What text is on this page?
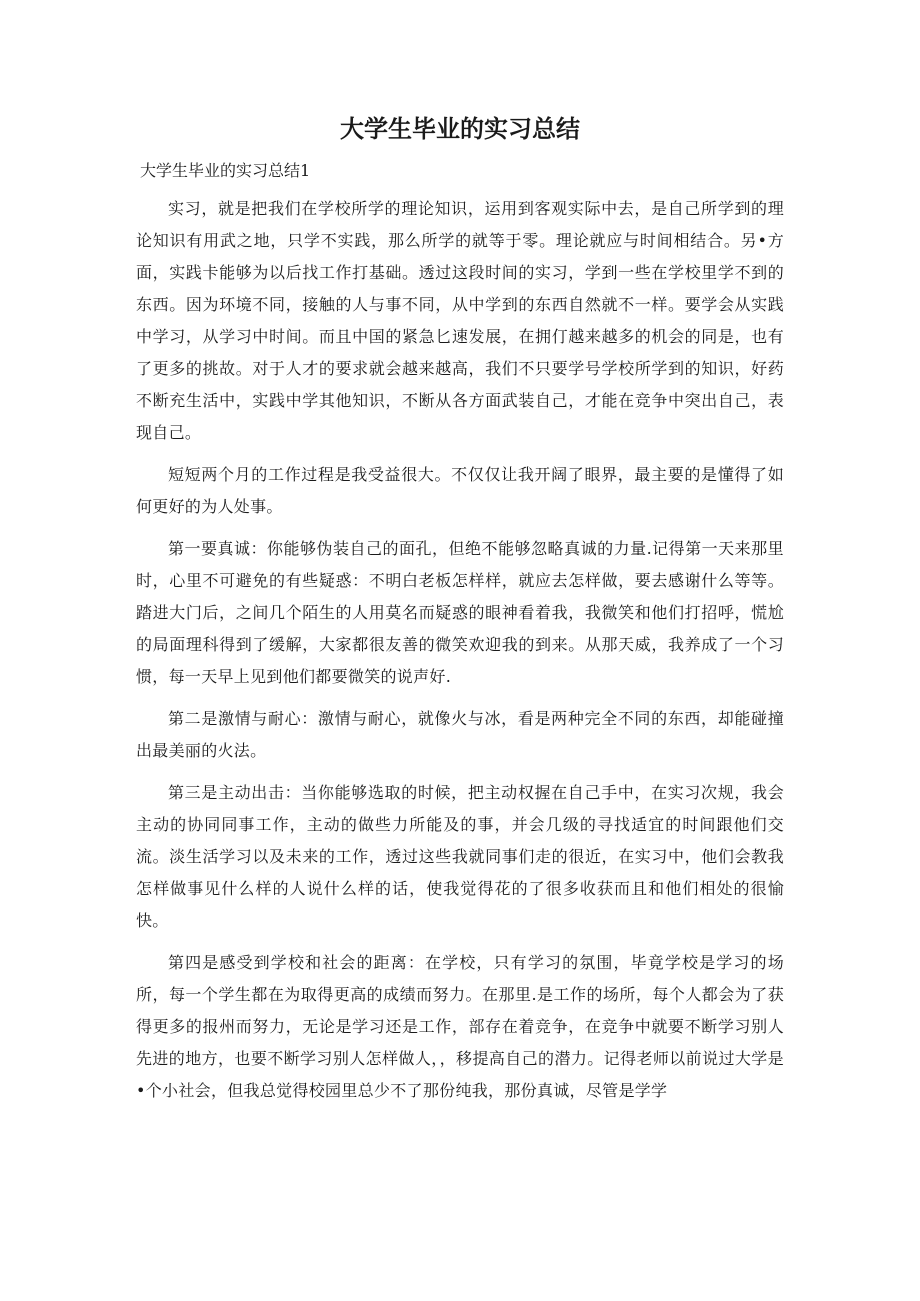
大学生毕业的实习总结
大学生毕业的实习总结1

实习，就是把我们在学校所学的理论知识，运用到客观实际中去，是自己所学到的理论知识有用武之地，只学不实践，那么所学的就等于零。理论就应与时间相结合。另•方面，实践卡能够为以后找工作打基础。透过这段时间的实习，学到一些在学校里学不到的东西。因为环境不同，接触的人与事不同，从中学到的东西自然就不一样。要学会从实践中学习，从学习中时间。而且中国的紧急匕速发展，在拥仃越来越多的机会的同是，也有了更多的挑故。对于人才的要求就会越来越高，我们不只要学号学校所学到的知识，好药不断充生活中，实践中学其他知识，不断从各方面武装自己，才能在竞争中突出自己，表现自己。

短短两个月的工作过程是我受益很大。不仅仅让我开阔了眼界，最主要的是懂得了如何更好的为人处事。

第一要真诚：你能够伪装自己的面孔，但绝不能够忽略真诚的力量.记得第一天来那里时，心里不可避免的有些疑惑：不明白老板怎样样，就应去怎样做，要去感谢什么等等。踏进大门后，之间几个陌生的人用莫名而疑惑的眼神看着我，我微笑和他们打招呼，慌尬的局面理科得到了缓解，大家都很友善的微笑欢迎我的到来。从那天威，我养成了一个习惯，每一天早上见到他们都要微笑的说声好.

第二是激情与耐心：激情与耐心，就像火与冰，看是两种完全不同的东西，却能碰撞出最美丽的火法。

第三是主动出击：当你能够选取的时候，把主动权握在自己手中，在实习次规，我会主动的协同同事工作，主动的做些力所能及的事，并会几级的寻找适宜的时间跟他们交流。淡生活学习以及未来的工作，透过这些我就同事们走的很近，在实习中，他们会教我怎样做事见什么样的人说什么样的话，使我觉得花的了很多收获而且和他们相处的很愉快。

第四是感受到学校和社会的距离：在学校，只有学习的氛围，毕竟学校是学习的场所，每一个学生都在为取得更高的成绩而努力。在那里.是工作的场所，每个人都会为了获得更多的报州而努力，无论是学习还是工作，部存在着竞争，在竞争中就要不断学习别人先进的地方，也要不断学习别人怎样做人，，移提高自己的潜力。记得老师以前说过大学是•个小社会，但我总觉得校园里总少不了那份纯我，那份真诚，尽管是学学
